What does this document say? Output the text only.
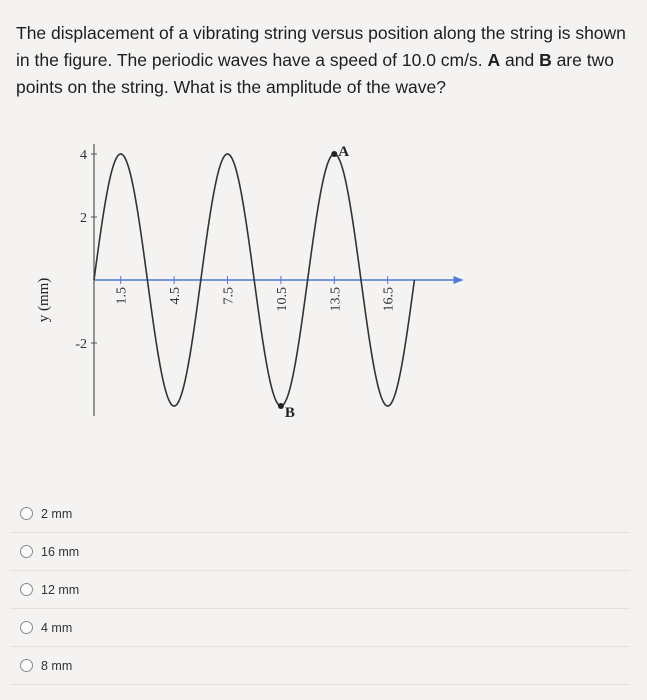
The displacement of a vibrating string versus position along the string is shown in the figure. The periodic waves have a speed of 10.0 cm/s. A and B are two points on the string. What is the amplitude of the wave?

4
2
-2
1.5	4.5	7.5	10.5	13.5	16.5
A
B
y (mm)
2 mm
16 mm
12 mm
4 mm
8 mm
